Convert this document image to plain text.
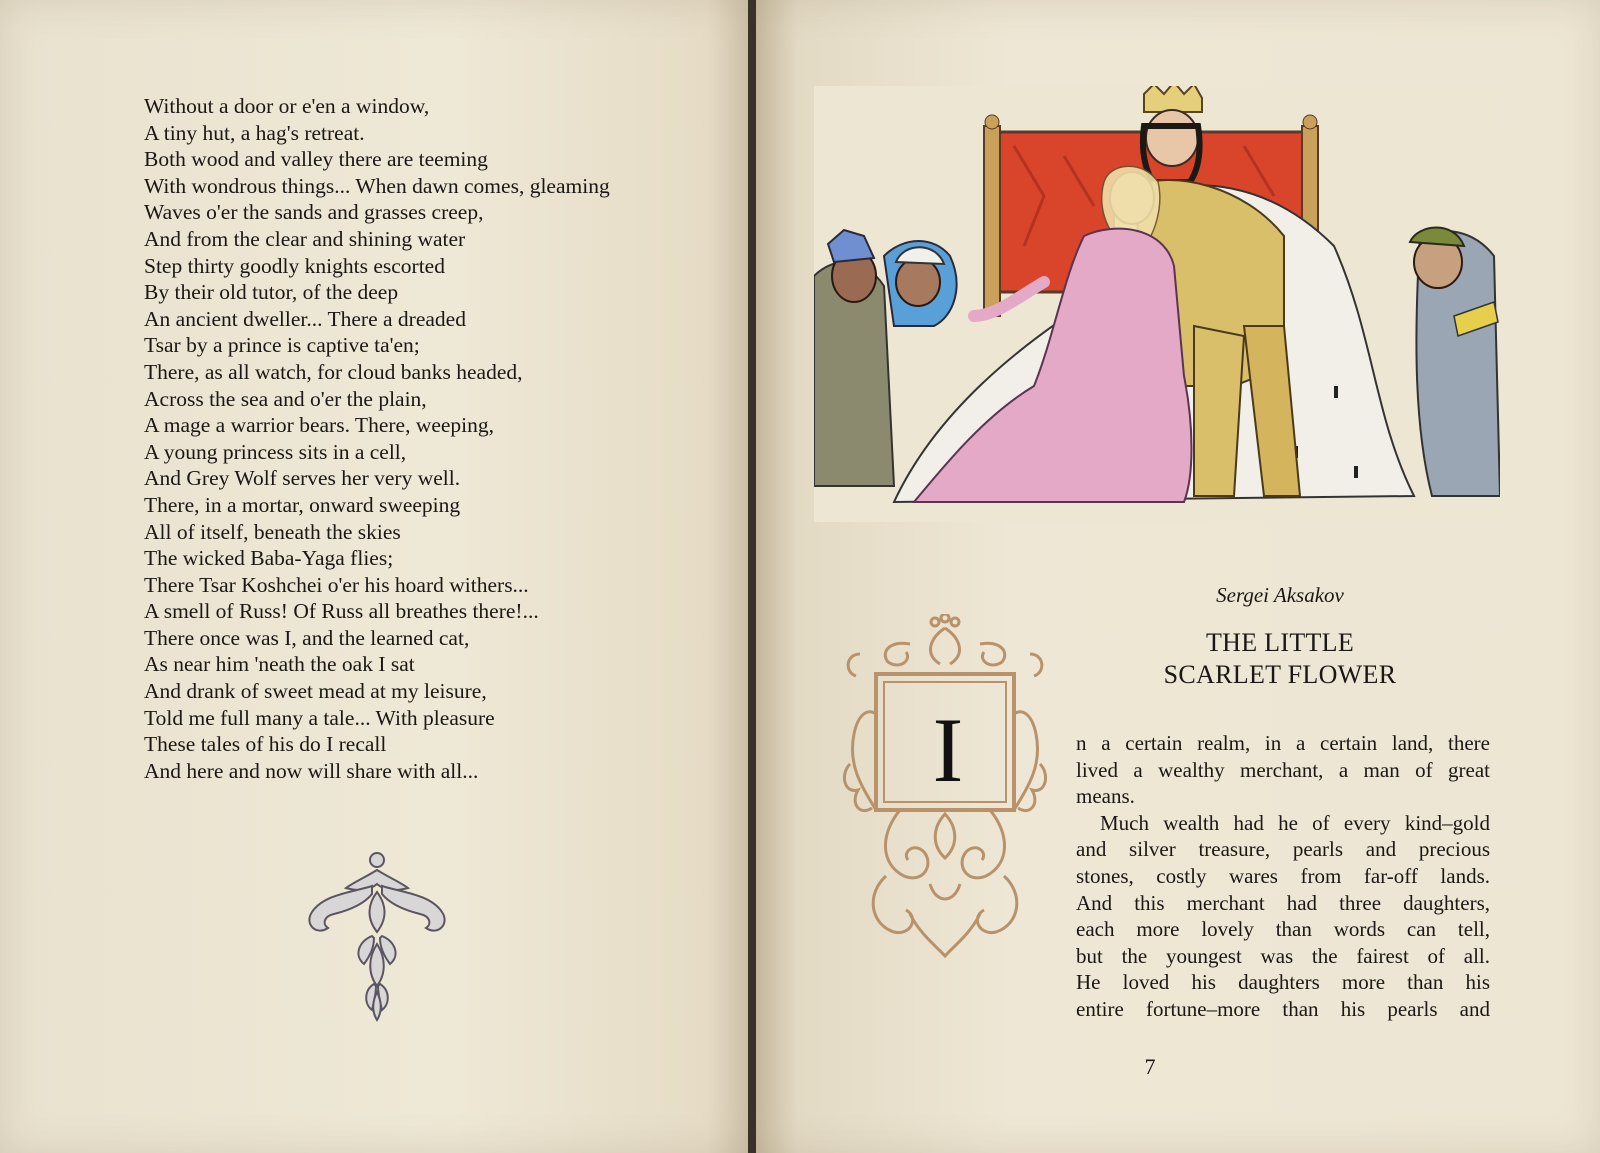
Without a door or e'en a window,
A tiny hut, a hag's retreat.
Both wood and valley there are teeming
With wondrous things... When dawn comes, gleaming
Waves o'er the sands and grasses creep,
And from the clear and shining water
Step thirty goodly knights escorted
By their old tutor, of the deep
An ancient dweller... There a dreaded
Tsar by a prince is captive ta'en;
There, as all watch, for cloud banks headed,
Across the sea and o'er the plain,
A mage a warrior bears. There, weeping,
A young princess sits in a cell,
And Grey Wolf serves her very well.
There, in a mortar, onward sweeping
All of itself, beneath the skies
The wicked Baba-Yaga flies;
There Tsar Koshchei o'er his hoard withers...
A smell of Russ! Of Russ all breathes there!...
There once was I, and the learned cat,
As near him 'neath the oak I sat
And drank of sweet mead at my leisure,
Told me full many a tale... With pleasure
These tales of his do I recall
And here and now will share with all...
Sergei Aksakov
THE LITTLE
SCARLET FLOWER
I	n a certain realm, in a certain land, there
lived a wealthy merchant, a man of great
means.
Much wealth had he of every kind–gold
and silver treasure, pearls and precious
stones, costly wares from far-off lands.
And this merchant had three daughters,
each more lovely than words can tell,
but the youngest was the fairest of all.
He loved his daughters more than his
entire fortune–more than his pearls and
7
